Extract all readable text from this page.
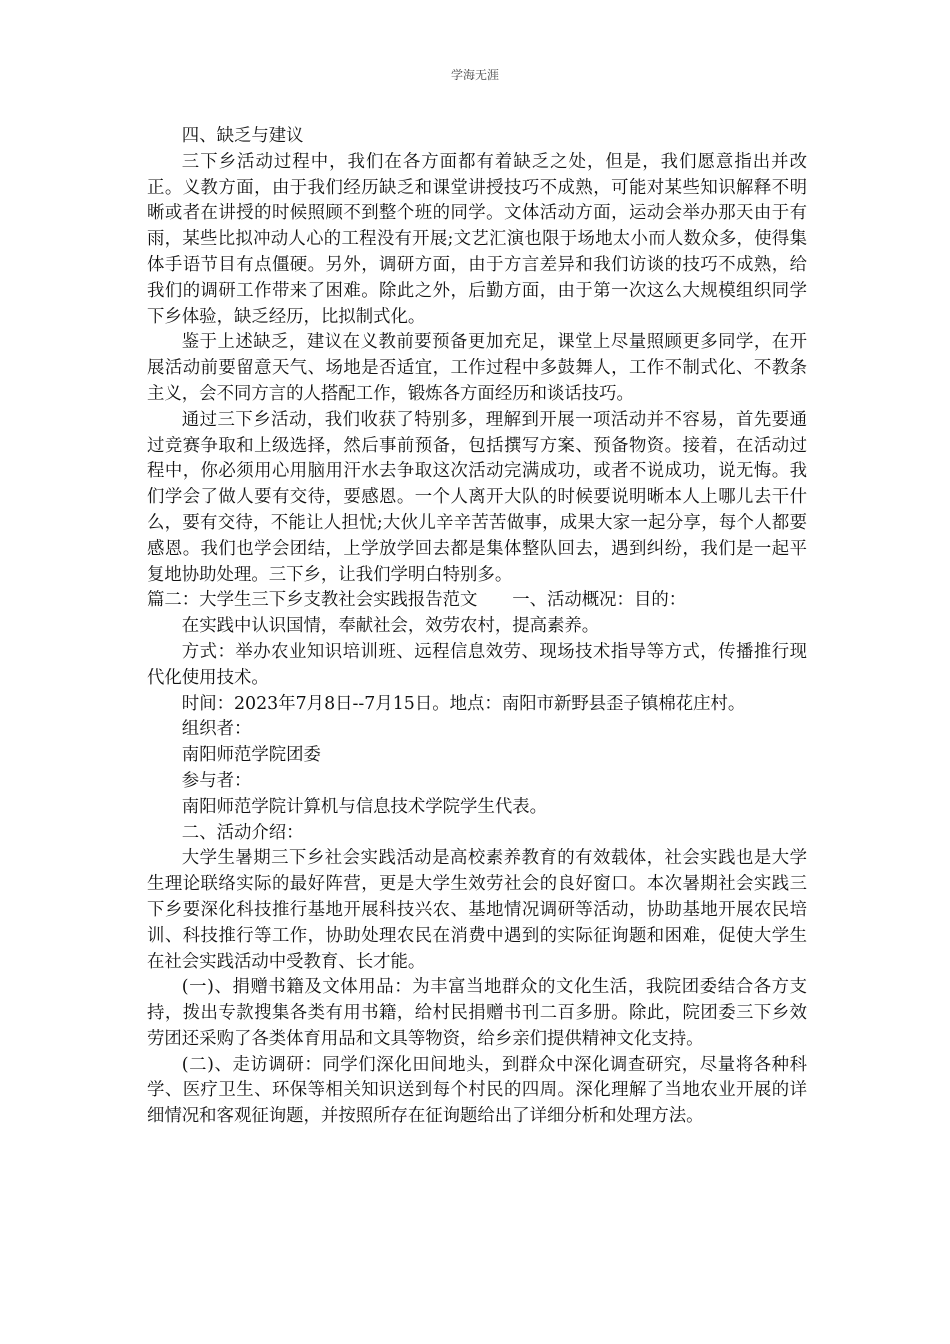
学海无涯

四、缺乏与建议

三下乡活动过程中，我们在各方面都有着缺乏之处，但是，我们愿意指出并改正。义教方面，由于我们经历缺乏和课堂讲授技巧不成熟，可能对某些知识解释不明晰或者在讲授的时候照顾不到整个班的同学。文体活动方面，运动会举办那天由于有雨，某些比拟冲动人心的工程没有开展;文艺汇演也限于场地太小而人数众多，使得集体手语节目有点僵硬。另外，调研方面，由于方言差异和我们访谈的技巧不成熟，给我们的调研工作带来了困难。除此之外，后勤方面，由于第一次这么大规模组织同学下乡体验，缺乏经历，比拟制式化。

鉴于上述缺乏，建议在义教前要预备更加充足，课堂上尽量照顾更多同学，在开展活动前要留意天气、场地是否适宜，工作过程中多鼓舞人，工作不制式化、不教条主义，会不同方言的人搭配工作，锻炼各方面经历和谈话技巧。

通过三下乡活动，我们收获了特别多，理解到开展一项活动并不容易，首先要通过竞赛争取和上级选择，然后事前预备，包括撰写方案、预备物资。接着，在活动过程中，你必须用心用脑用汗水去争取这次活动完满成功，或者不说成功，说无悔。我们学会了做人要有交待，要感恩。一个人离开大队的时候要说明晰本人上哪儿去干什么，要有交待，不能让人担忧;大伙儿辛辛苦苦做事，成果大家一起分享，每个人都要感恩。我们也学会团结，上学放学回去都是集体整队回去，遇到纠纷，我们是一起平复地协助处理。三下乡，让我们学明白特别多。

篇二：大学生三下乡支教社会实践报告范文　　一、活动概况：目的：

在实践中认识国情，奉献社会，效劳农村，提高素养。

方式：举办农业知识培训班、远程信息效劳、现场技术指导等方式，传播推行现代化使用技术。

时间：2023年7月8日--7月15日。地点：南阳市新野县歪子镇棉花庄村。

组织者：

南阳师范学院团委

参与者：

南阳师范学院计算机与信息技术学院学生代表。

二、活动介绍：

大学生暑期三下乡社会实践活动是高校素养教育的有效载体，社会实践也是大学生理论联络实际的最好阵营，更是大学生效劳社会的良好窗口。本次暑期社会实践三下乡要深化科技推行基地开展科技兴农、基地情况调研等活动，协助基地开展农民培训、科技推行等工作，协助处理农民在消费中遇到的实际征询题和困难，促使大学生在社会实践活动中受教育、长才能。

(一)、捐赠书籍及文体用品：为丰富当地群众的文化生活，我院团委结合各方支持，拨出专款搜集各类有用书籍，给村民捐赠书刊二百多册。除此，院团委三下乡效劳团还采购了各类体育用品和文具等物资，给乡亲们提供精神文化支持。

(二)、走访调研：同学们深化田间地头，到群众中深化调查研究，尽量将各种科学、医疗卫生、环保等相关知识送到每个村民的四周。深化理解了当地农业开展的详细情况和客观征询题，并按照所存在征询题给出了详细分析和处理方法。
